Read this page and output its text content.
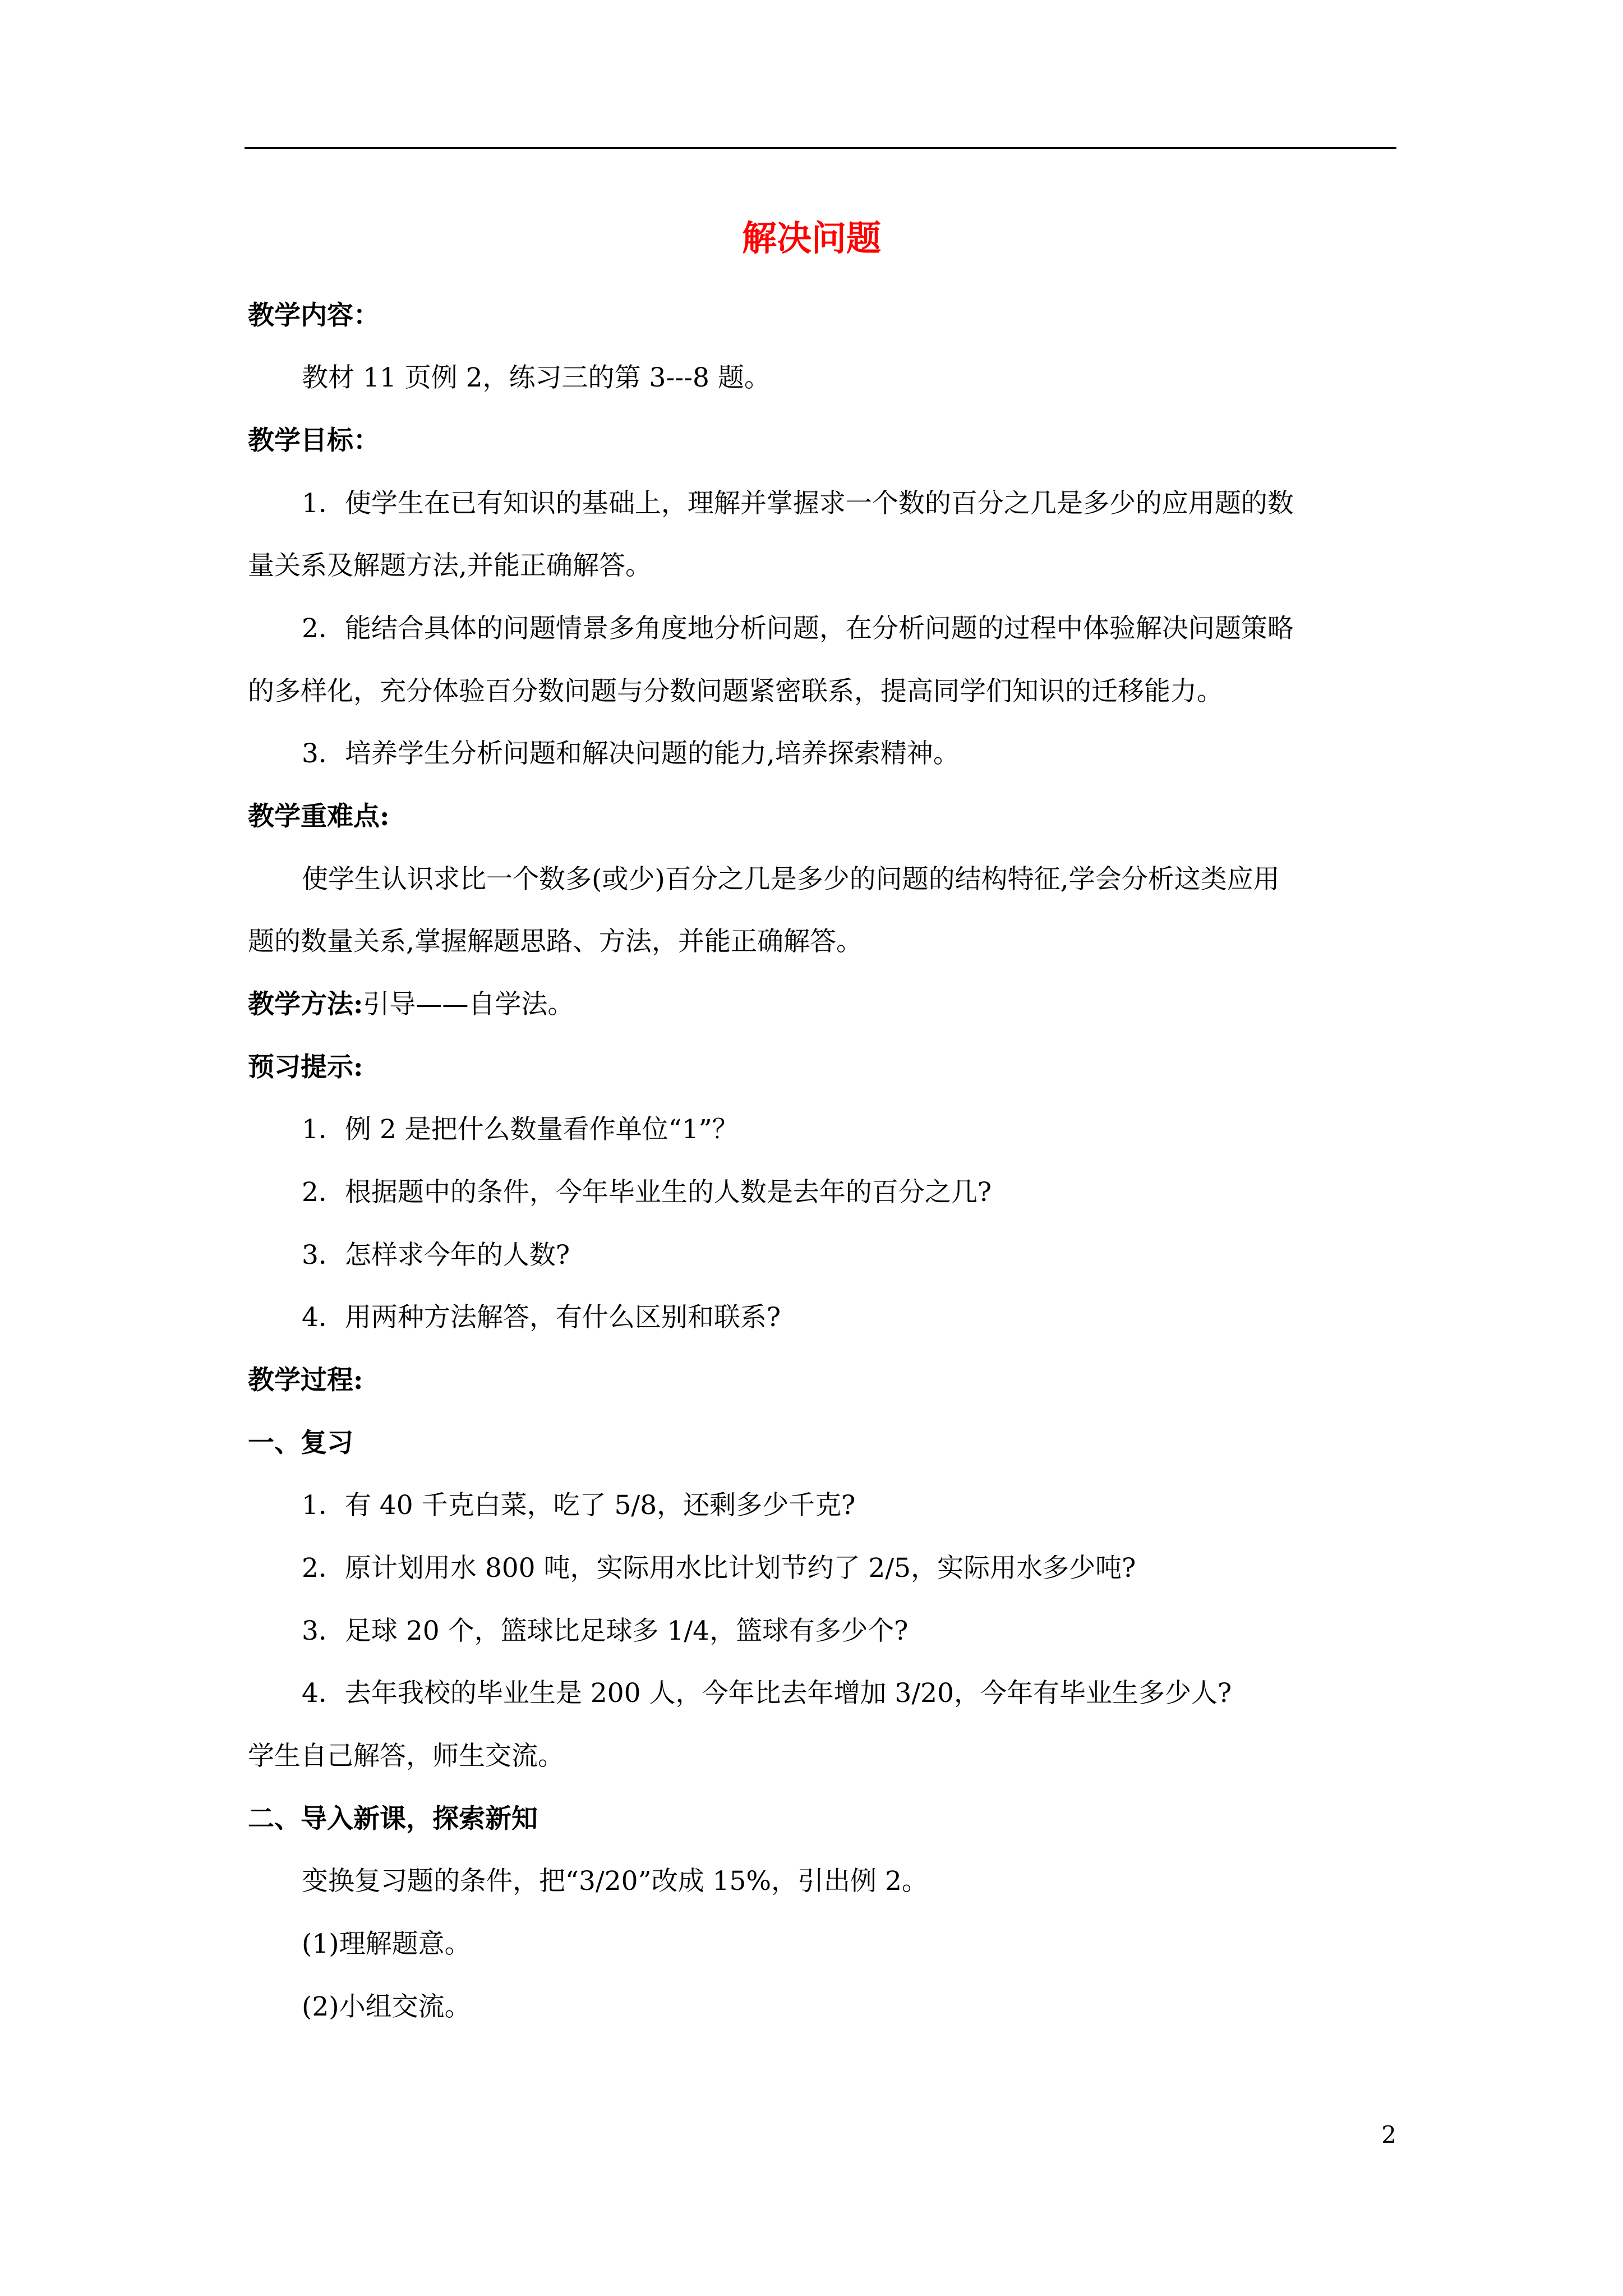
解决问题

教学内容：

教材 11 页例 2，练习三的第 3---8 题。

教学目标：

1．使学生在已有知识的基础上，理解并掌握求一个数的百分之几是多少的应用题的数

量关系及解题方法,并能正确解答。

2．能结合具体的问题情景多角度地分析问题，在分析问题的过程中体验解决问题策略

的多样化，充分体验百分数问题与分数问题紧密联系，提高同学们知识的迁移能力。

3．培养学生分析问题和解决问题的能力,培养探索精神。

教学重难点:

使学生认识求比一个数多(或少)百分之几是多少的问题的结构特征,学会分析这类应用

题的数量关系,掌握解题思路、方法，并能正确解答。

教学方法:引导——自学法。

预习提示:

1．例 2 是把什么数量看作单位“1”？

2．根据题中的条件，今年毕业生的人数是去年的百分之几?

3．怎样求今年的人数?

4．用两种方法解答，有什么区别和联系?

教学过程:

一、复习

1．有 40 千克白菜，吃了 5/8，还剩多少千克?

2．原计划用水 800 吨，实际用水比计划节约了 2/5，实际用水多少吨?

3．足球 20 个，篮球比足球多 1/4，篮球有多少个?

4．去年我校的毕业生是 200 人，今年比去年增加 3/20，今年有毕业生多少人?

学生自己解答，师生交流。

二、导入新课，探索新知

变换复习题的条件，把“3/20”改成 15%，引出例 2。

(1)理解题意。

(2)小组交流。

2
